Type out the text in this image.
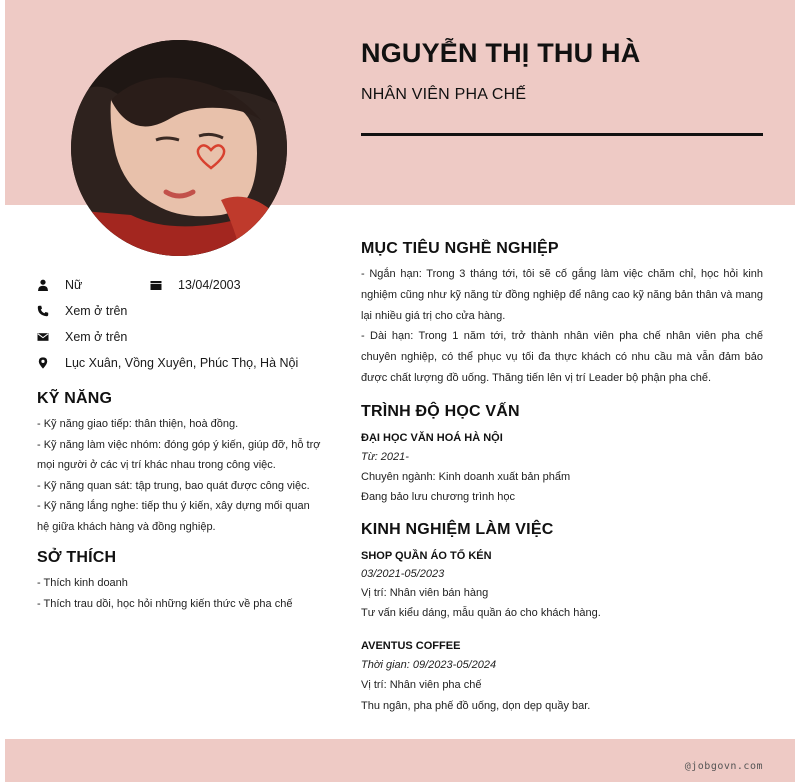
NGUYỄN THỊ THU HÀ
NHÂN VIÊN PHA CHẾ
Nữ	13/04/2003
Xem ở trên
Xem ở trên
Lục Xuân, Vồng Xuyên, Phúc Thọ, Hà Nội
KỸ NĂNG
- Kỹ năng giao tiếp: thân thiện, hoà đồng.
- Kỹ năng làm việc nhóm: đóng góp ý kiến, giúp đỡ, hỗ trợ
mọi người ở các vị trí khác nhau trong công việc.
- Kỹ năng quan sát: tập trung, bao quát được công việc.
- Kỹ năng lắng nghe: tiếp thu ý kiến, xây dựng mối quan
hệ giữa khách hàng và đồng nghiệp.
SỞ THÍCH
- Thích kinh doanh
- Thích trau dồi, học hỏi những kiến thức về pha chế
MỤC TIÊU NGHỀ NGHIỆP
- Ngắn hạn: Trong 3 tháng tới, tôi sẽ cố gắng làm việc chăm chỉ, học hỏi kinh nghiệm cũng như kỹ năng từ đồng nghiệp để nâng cao kỹ năng bản thân và mang lại nhiều giá trị cho cửa hàng.
- Dài hạn: Trong 1 năm tới, trở thành nhân viên pha chế nhân viên pha chế chuyên nghiệp, có thể phục vụ tối đa thực khách có nhu cầu mà vẫn đảm bảo được chất lượng đồ uống. Thăng tiến lên vị trí Leader bộ phận pha chế.
TRÌNH ĐỘ HỌC VẤN
ĐẠI HỌC VĂN HOÁ HÀ NỘI
Từ: 2021-
Chuyên ngành: Kinh doanh xuất bản phẩm
Đang bảo lưu chương trình học
KINH NGHIỆM LÀM VIỆC
SHOP QUẦN ÁO TỐ KÉN
03/2021-05/2023
Vị trí: Nhân viên bán hàng
Tư vấn kiểu dáng, mẫu quần áo cho khách hàng.
AVENTUS COFFEE
Thời gian: 09/2023-05/2024
Vị trí: Nhân viên pha chế
Thu ngân, pha phế đồ uống, dọn dẹp quầy bar.
@jobgovn.com
